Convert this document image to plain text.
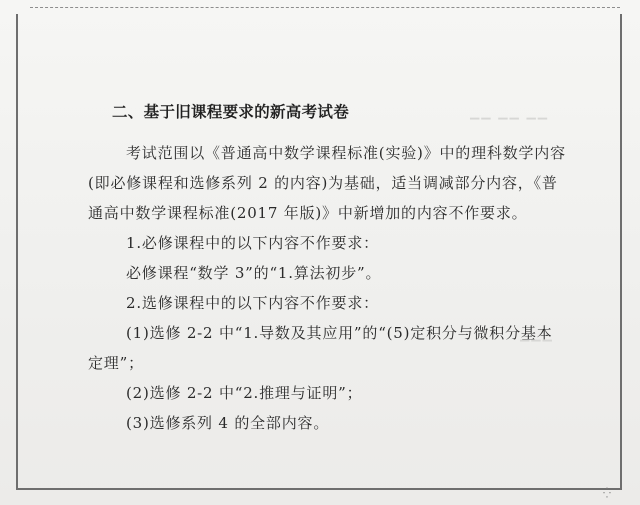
▔▔ ▔▔ ▔▔
▔▔▔
二、基于旧课程要求的新高考试卷

考试范围以《普通高中数学课程标准(实验)》中的理科数学内容(即必修课程和选修系列 2 的内容)为基础，适当调减部分内容，《普通高中数学课程标准(2017 年版)》中新增加的内容不作要求。

1.必修课程中的以下内容不作要求：

必修课程“数学 3”的“1.算法初步”。

2.选修课程中的以下内容不作要求：

(1)选修 2-2 中“1.导数及其应用”的“(5)定积分与微积分基本定理”；

(2)选修 2-2 中“2.推理与证明”；

(3)选修系列 4 的全部内容。

⁛
